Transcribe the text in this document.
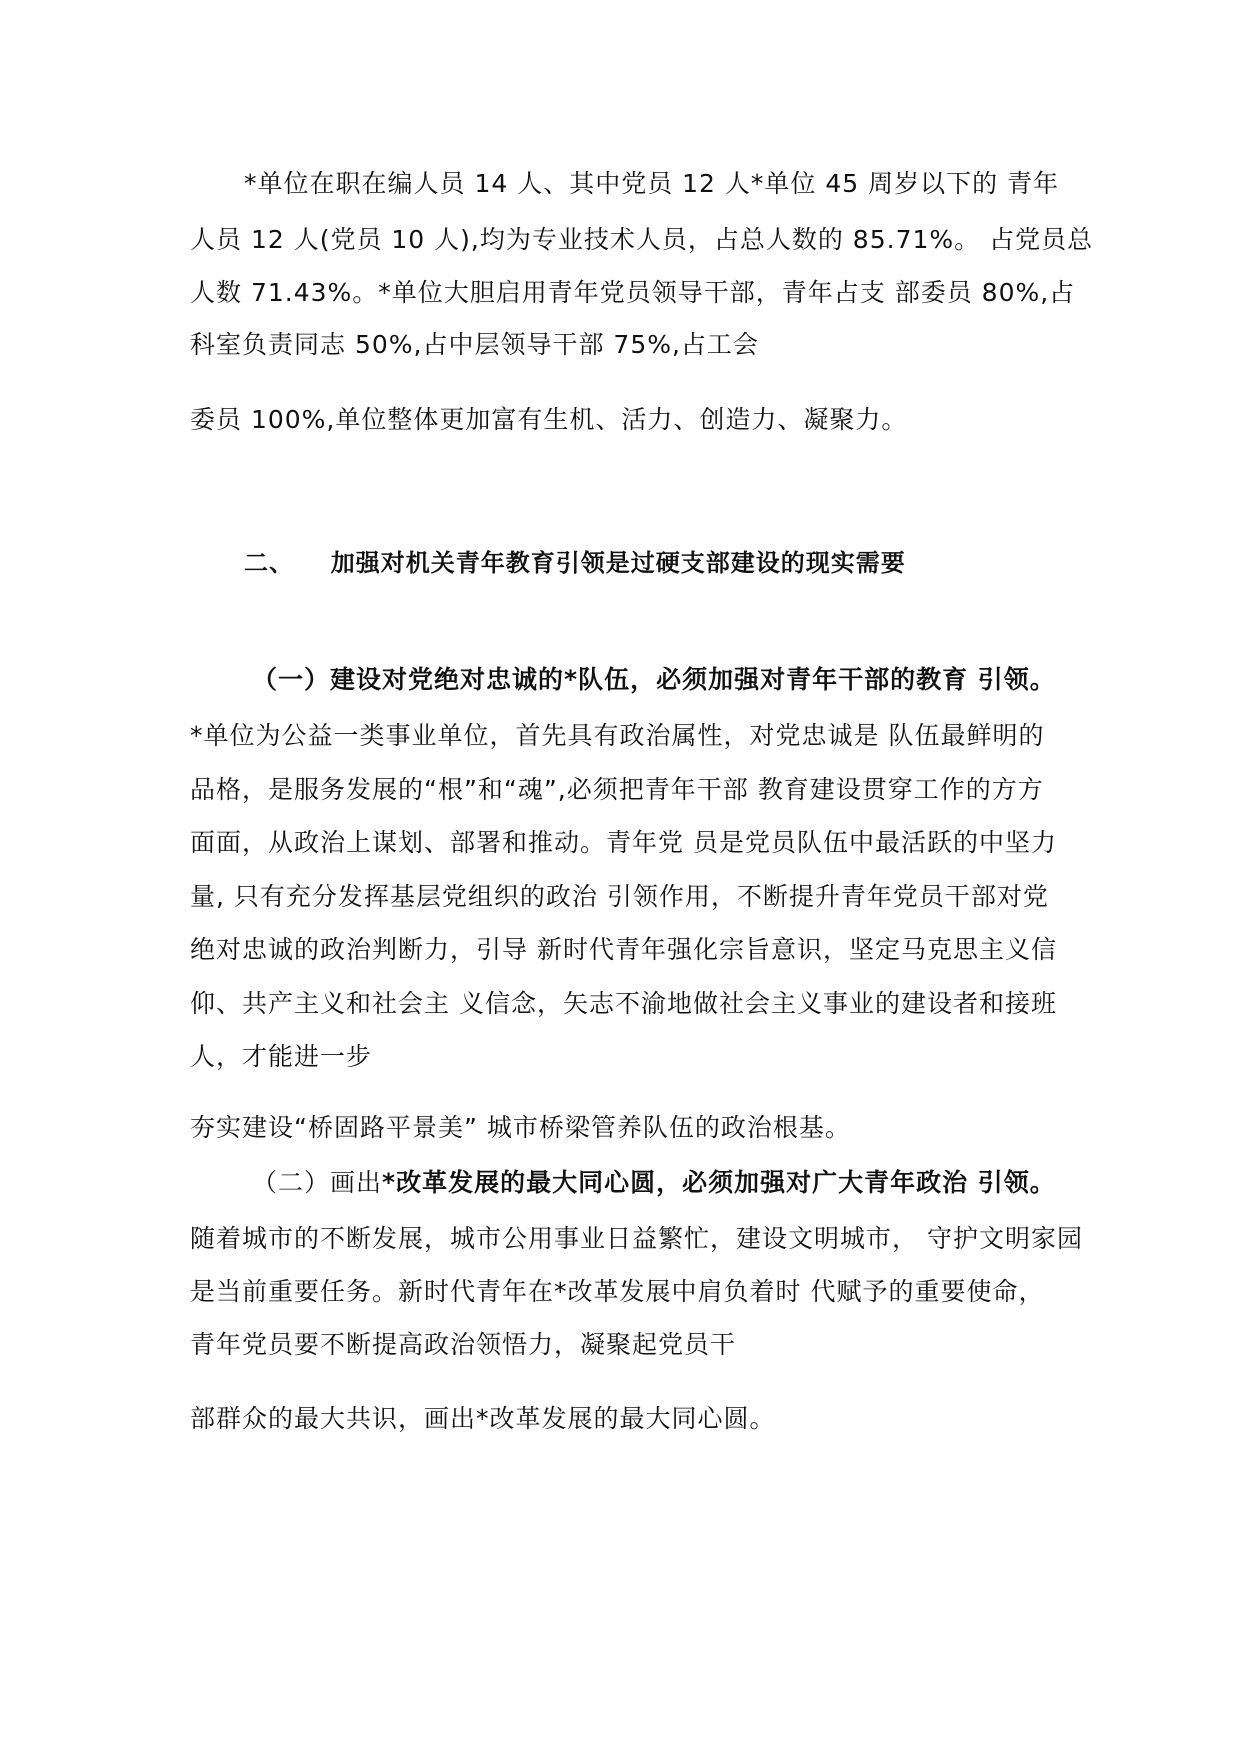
*单位在职在编人员 14 人、其中党员 12 人*单位 45 周岁以下的 青年
人员 12 人(党员 10 人),均为专业技术人员，占总人数的 85.71%。 占党员总
人数 71.43%。*单位大胆启用青年党员领导干部，青年占支 部委员 80%,占
科室负责同志 50%,占中层领导干部 75%,占工会
委员 100%,单位整体更加富有生机、活力、创造力、凝聚力。
二、 加强对机关青年教育引领是过硬支部建设的现实需要
（一）建设对党绝对忠诚的*队伍，必须加强对青年干部的教育 引领。
*单位为公益一类事业单位，首先具有政治属性，对党忠诚是 队伍最鲜明的
品格，是服务发展的“根”和“魂”,必须把青年干部 教育建设贯穿工作的方方
面面，从政治上谋划、部署和推动。青年党 员是党员队伍中最活跃的中坚力
量, 只有充分发挥基层党组织的政治 引领作用，不断提升青年党员干部对党
绝对忠诚的政治判断力，引导 新时代青年强化宗旨意识，坚定马克思主义信
仰、共产主义和社会主 义信念，矢志不渝地做社会主义事业的建设者和接班
人，才能进一步
夯实建设“桥固路平景美” 城市桥梁管养队伍的政治根基。
（二）画出*改革发展的最大同心圆，必须加强对广大青年政治 引领。
随着城市的不断发展，城市公用事业日益繁忙，建设文明城市， 守护文明家园
是当前重要任务。新时代青年在*改革发展中肩负着时 代赋予的重要使命，
青年党员要不断提高政治领悟力，凝聚起党员干
部群众的最大共识，画出*改革发展的最大同心圆。
